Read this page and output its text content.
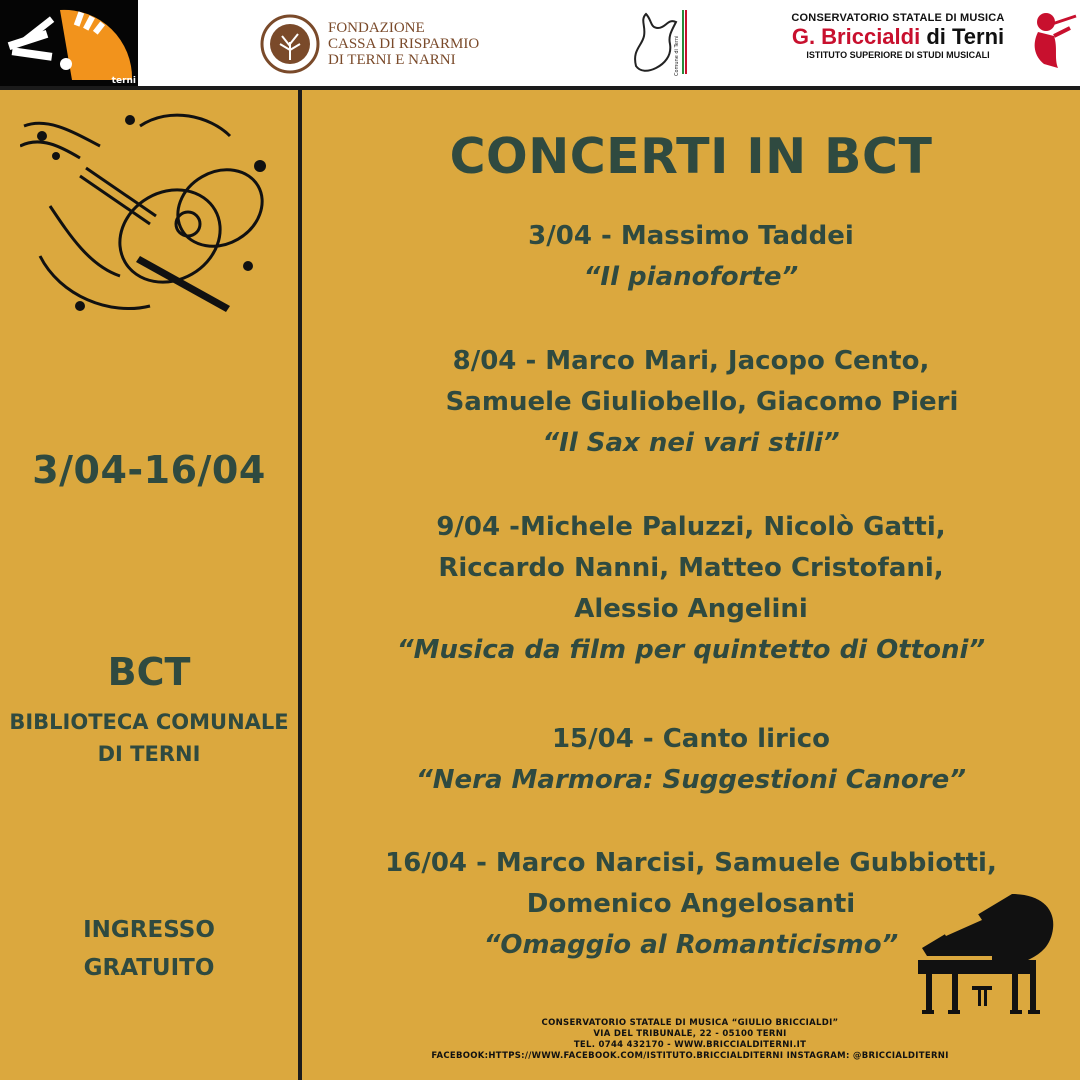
terni
FONDAZIONE
CASSA DI RISPARMIO
DI TERNI E NARNI	Comune di Terni
CONSERVATORIO STATALE DI MUSICA
G. Briccialdi di Terni
ISTITUTO SUPERIORE DI STUDI MUSICALI
3/04-16/04
BCT
BIBLIOTECA COMUNALE
DI TERNI
INGRESSO
GRATUITO
CONCERTI IN BCT
3/04 - Massimo Taddei
“Il pianoforte”
8/04 - Marco Mari, Jacopo Cento,
Samuele Giuliobello, Giacomo Pieri
“Il Sax nei vari stili”
9/04 -Michele Paluzzi, Nicolò Gatti,
Riccardo Nanni, Matteo Cristofani,
Alessio Angelini
“Musica da film per quintetto di Ottoni”
15/04 - Canto lirico
“Nera Marmora: Suggestioni Canore”
16/04 - Marco Narcisi, Samuele Gubbiotti,
Domenico Angelosanti
“Omaggio al Romanticismo”
CONSERVATORIO STATALE DI MUSICA “GIULIO BRICCIALDI”
VIA DEL TRIBUNALE, 22 - 05100 TERNI
TEL. 0744 432170 - WWW.BRICCIALDITERNI.IT
FACEBOOK:HTTPS://WWW.FACEBOOK.COM/ISTITUTO.BRICCIALDITERNI INSTAGRAM: @BRICCIALDITERNI
